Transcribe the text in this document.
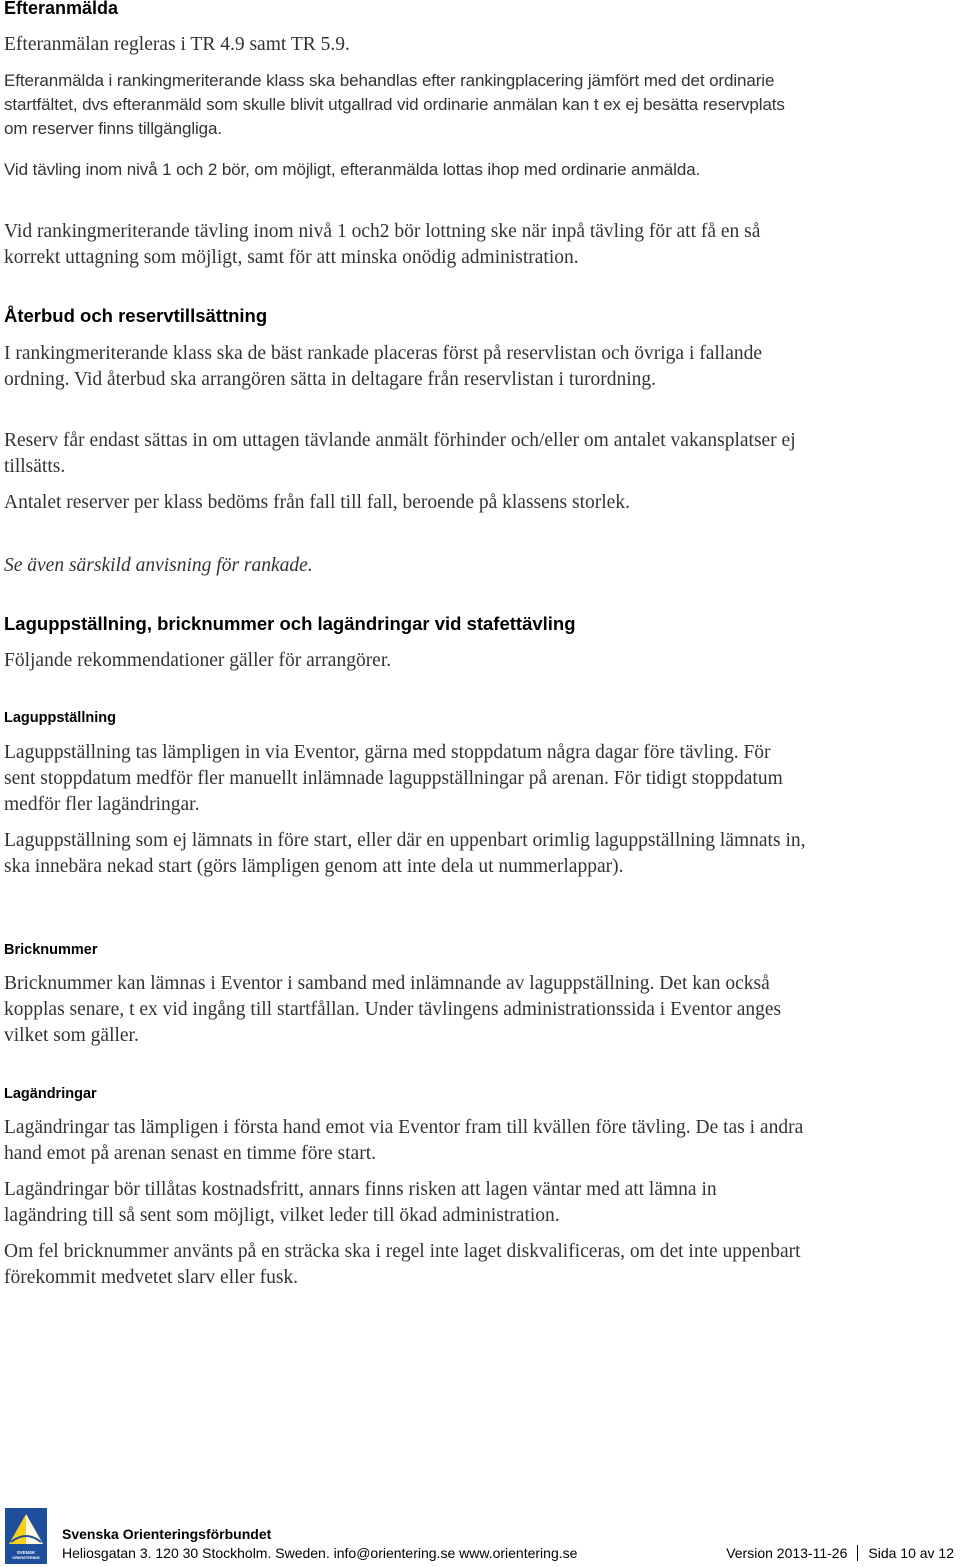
Efteranmälda
Efteranmälan regleras i TR 4.9 samt TR 5.9.
Efteranmälda i rankingmeriterande klass ska behandlas efter rankingplacering jämfört med det ordinarie startfältet, dvs efteranmäld som skulle blivit utgallrad vid ordinarie anmälan kan t ex ej besätta reservplats om reserver finns tillgängliga.
Vid tävling inom nivå 1 och 2 bör, om möjligt, efteranmälda lottas ihop med ordinarie anmälda.
Vid rankingmeriterande tävling inom nivå 1 och2 bör lottning ske när inpå tävling för att få en så korrekt uttagning som möjligt, samt för att minska onödig administration.
Återbud och reservtillsättning
I rankingmeriterande klass ska de bäst rankade placeras först på reservlistan och övriga i fallande ordning. Vid återbud ska arrangören sätta in deltagare från reservlistan i turordning.
Reserv får endast sättas in om uttagen tävlande anmält förhinder och/eller om antalet vakansplatser ej tillsätts.
Antalet reserver per klass bedöms från fall till fall, beroende på klassens storlek.
Se även särskild anvisning för rankade.
Laguppställning, bricknummer och lagändringar vid stafettävling
Följande rekommendationer gäller för arrangörer.
Laguppställning
Laguppställning tas lämpligen in via Eventor, gärna med stoppdatum några dagar före tävling. För sent stoppdatum medför fler manuellt inlämnade laguppställningar på arenan. För tidigt stoppdatum medför fler lagändringar.
Laguppställning som ej lämnats in före start, eller där en uppenbart orimlig laguppställning lämnats in, ska innebära nekad start (görs lämpligen genom att inte dela ut nummerlappar).
Bricknummer
Bricknummer kan lämnas i Eventor i samband med inlämnande av laguppställning. Det kan också kopplas senare, t ex vid ingång till startfållan. Under tävlingens administrationssida i Eventor anges vilket som gäller.
Lagändringar
Lagändringar tas lämpligen i första hand emot via Eventor fram till kvällen före tävling. De tas i andra hand emot på arenan senast en timme före start.
Lagändringar bör tillåtas kostnadsfritt, annars finns risken att lagen väntar med att lämna in lagändring till så sent som möjligt, vilket leder till ökad administration.
Om fel bricknummer använts på en sträcka ska i regel inte laget diskvalificeras, om det inte uppenbart förekommit medvetet slarv eller fusk.
SVENSK
ORIENTERING
Svenska Orienteringsförbundet
Heliosgatan 3. 120 30 Stockholm. Sweden. info@orientering.se www.orientering.se	Version 2013-11-26 Sida 10 av 12
